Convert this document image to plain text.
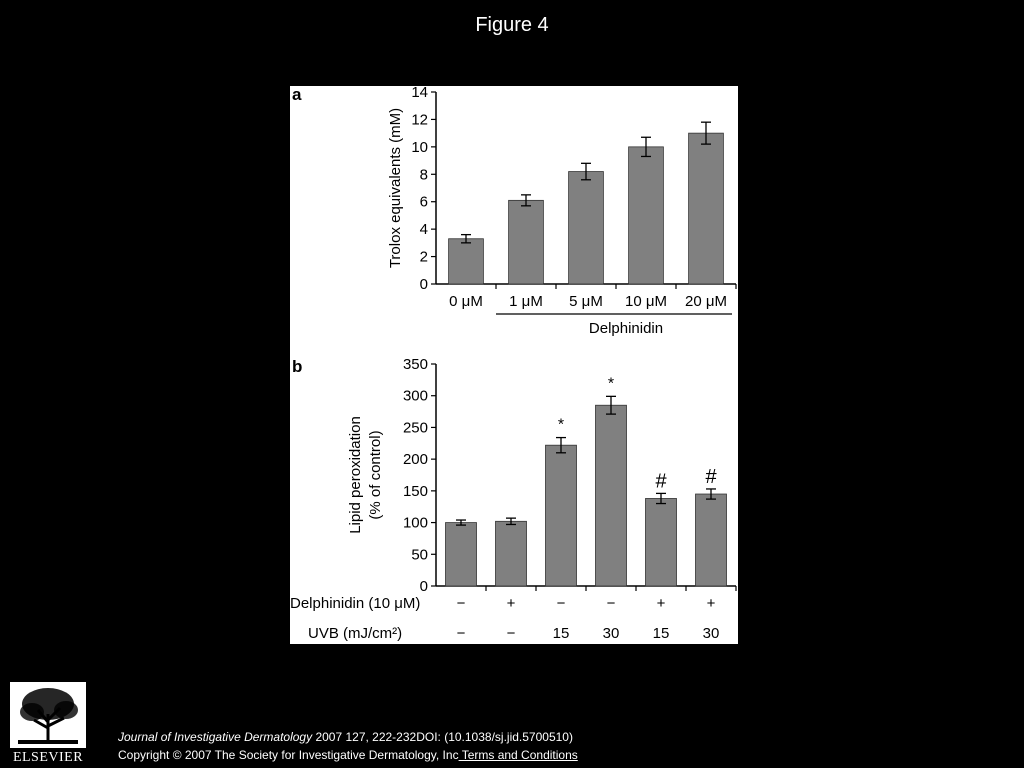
Figure 4
a
0
2
4
6
8
10
12
14
Trolox equivalents (mM)
0 μM 1 μM 5 μM 10 μM 20 μM
Delphinidin
b
0
50
100
150
200
250
300
350
Lipid peroxidation (% of control)
*
*
# #
Delphinidin (10 μM)
UVB (mJ/cm²)
−	+	−	−	+	+
−	− 15 30 15 30
ELSEVIER
Journal of Investigative Dermatology 2007 127, 222-232DOI: (10.1038/sj.jid.5700510)
Copyright © 2007 The Society for Investigative Dermatology, Inc Terms and Conditions
